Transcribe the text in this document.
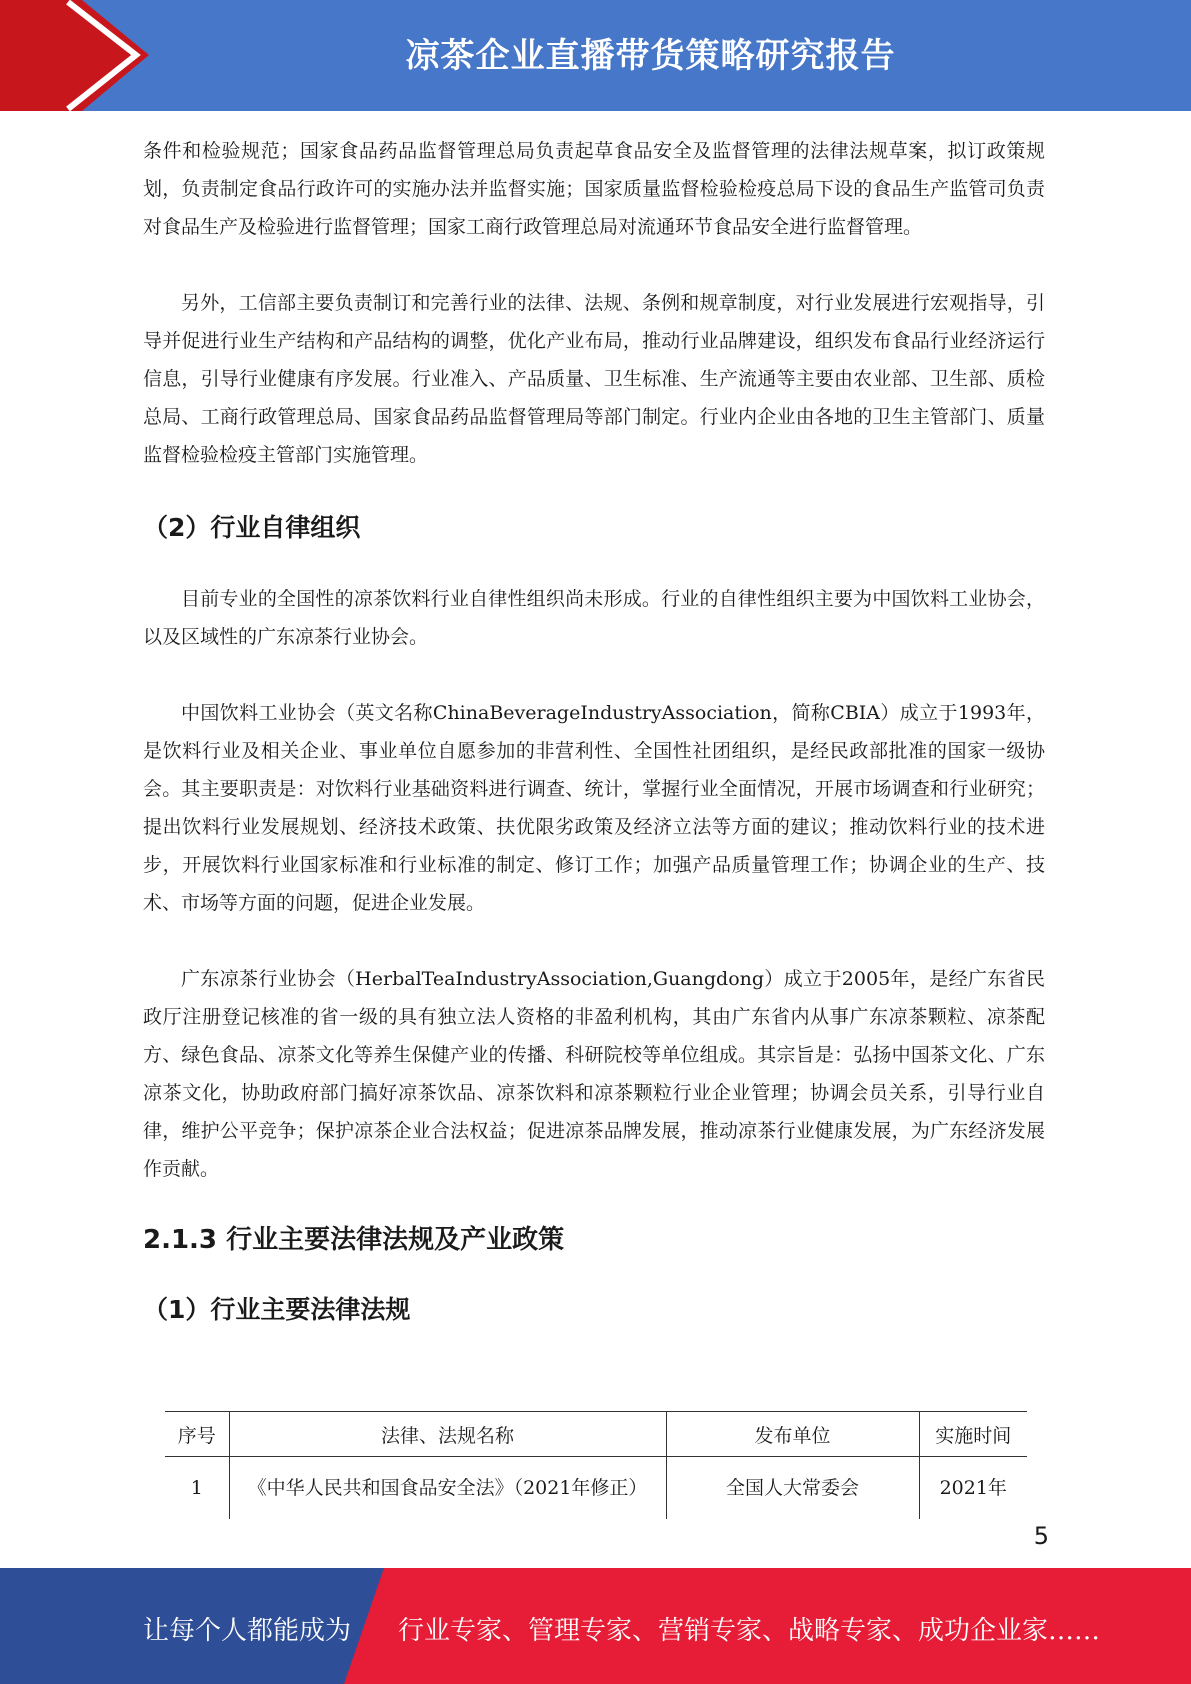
凉茶企业直播带货策略研究报告

条件和检验规范；国家食品药品监督管理总局负责起草食品安全及监督管理的法律法规草案，拟订政策规划，负责制定食品行政许可的实施办法并监督实施；国家质量监督检验检疫总局下设的食品生产监管司负责对食品生产及检验进行监督管理；国家工商行政管理总局对流通环节食品安全进行监督管理。

另外，工信部主要负责制订和完善行业的法律、法规、条例和规章制度，对行业发展进行宏观指导，引导并促进行业生产结构和产品结构的调整，优化产业布局，推动行业品牌建设，组织发布食品行业经济运行信息，引导行业健康有序发展。行业准入、产品质量、卫生标准、生产流通等主要由农业部、卫生部、质检总局、工商行政管理总局、国家食品药品监督管理局等部门制定。行业内企业由各地的卫生主管部门、质量监督检验检疫主管部门实施管理。

（2）行业自律组织

目前专业的全国性的凉茶饮料行业自律性组织尚未形成。行业的自律性组织主要为中国饮料工业协会，以及区域性的广东凉茶行业协会。

中国饮料工业协会（英文名称ChinaBeverageIndustryAssociation，简称CBIA）成立于1993年，是饮料行业及相关企业、事业单位自愿参加的非营利性、全国性社团组织，是经民政部批准的国家一级协会。其主要职责是：对饮料行业基础资料进行调查、统计，掌握行业全面情况，开展市场调查和行业研究；提出饮料行业发展规划、经济技术政策、扶优限劣政策及经济立法等方面的建议；推动饮料行业的技术进步，开展饮料行业国家标准和行业标准的制定、修订工作；加强产品质量管理工作；协调企业的生产、技术、市场等方面的问题，促进企业发展。

广东凉茶行业协会（HerbalTeaIndustryAssociation,Guangdong）成立于2005年，是经广东省民政厅注册登记核准的省一级的具有独立法人资格的非盈利机构，其由广东省内从事广东凉茶颗粒、凉茶配方、绿色食品、凉茶文化等养生保健产业的传播、科研院校等单位组成。其宗旨是：弘扬中国茶文化、广东凉茶文化，协助政府部门搞好凉茶饮品、凉茶饮料和凉茶颗粒行业企业管理；协调会员关系，引导行业自律，维护公平竞争；保护凉茶企业合法权益；促进凉茶品牌发展，推动凉茶行业健康发展，为广东经济发展作贡献。

2.1.3 行业主要法律法规及产业政策
（1）行业主要法律法规
序号	法律、法规名称	发布单位	实施时间
1	《中华人民共和国食品安全法》（2021年修正）	全国人大常委会	2021年
5
让每个人都能成为 行业专家、管理专家、营销专家、战略专家、成功企业家……
